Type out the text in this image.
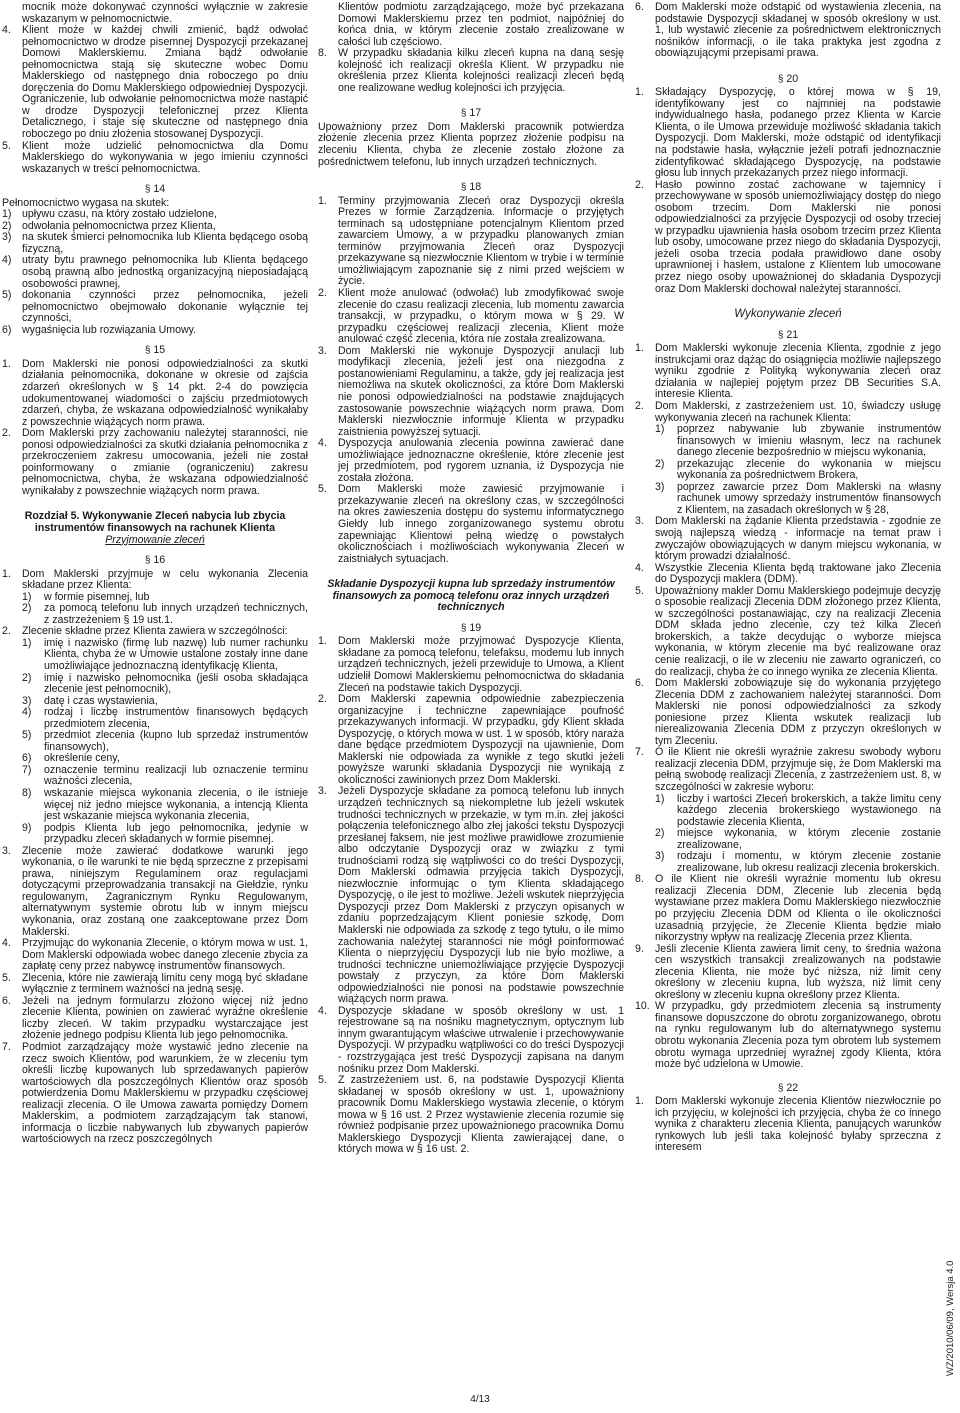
mocnik może dokonywać czynności wyłącznie w zakresie wskazanym w pełnomocnictwie.
4.	Klient może w każdej chwili zmienić, bądź odwołać pełnomocnictwo w drodze pisemnej Dyspozycji przekazanej Domowi Maklerskiemu. Zmiana bądź odwołanie pełnomocnictwa stają się skuteczne wobec Domu Maklerskiego od następnego dnia roboczego po dniu doręczenia do Domu Maklerskiego odpowiedniej Dyspozycji. Ograniczenie, lub odwołanie pełnomocnictwa może nastąpić w drodze Dyspozycji telefonicznej przez Klienta Detalicznego, i staje się skuteczne od następnego dnia roboczego po dniu złożenia stosowanej Dyspozycji.
5.	Klient może udzielić pełnomocnictwa dla Domu Maklerskiego do wykonywania w jego imieniu czynności wskazanych w treści pełnomocnictwa.
§ 14

Pełnomocnictwo wygasa na skutek:

1) upływu czasu, na który zostało udzielone,
2) odwołania pełnomocnictwa przez Klienta,
3) na skutek śmierci pełnomocnika lub Klienta będącego osobą fizyczną,
4) utraty bytu prawnego pełnomocnika lub Klienta będącego osobą prawną albo jednostką organizacyjną nieposiadającą osobowości prawnej,
5) dokonania czynności przez pełnomocnika, jeżeli pełnomocnictwo obejmowało dokonanie wyłącznie tej czynności,
6) wygaśnięcia lub rozwiązania Umowy.
§ 15
1.	Dom Maklerski nie ponosi odpowiedzialności za skutki działania pełnomocnika, dokonane w okresie od zajścia zdarzeń określonych w § 14 pkt. 2-4 do powzięcia udokumentowanej wiadomości o zajściu przedmiotowych zdarzeń, chyba, że wskazana odpowiedzialność wynikałaby z powszechnie wiążących norm prawa.
2.	Dom Maklerski przy zachowaniu należytej staranności, nie ponosi odpowiedzialności za skutki działania pełnomocnika z przekroczeniem zakresu umocowania, jeżeli nie został poinformowany o zmianie (ograniczeniu) zakresu pełnomocnictwa, chyba, że wskazana odpowiedzialność wynikałaby z powszechnie wiążących norm prawa.
Rozdział 5. Wykonywanie Zleceń nabycia lub zbycia instrumentów finansowych na rachunek Klienta
Przyjmowanie zleceń
§ 16
1.	Dom Maklerski przyjmuje w celu wykonania Zlecenia składane przez Klienta:
1)	w formie pisemnej, lub
2)	za pomocą telefonu lub innych urządzeń technicznych, z zastrzeżeniem § 19 ust.1.
2.	Zlecenie składne przez Klienta zawiera w szczególności:
1)	imię i nazwisko (firmę lub nazwę) lub numer rachunku Klienta, chyba że w Umowie ustalone zostały inne dane umożliwiające jednoznaczną identyfikację Klienta,
2)	imię i nazwisko pełnomocnika (jeśli osoba składająca zlecenie jest pełnomocnik),
3)	datę i czas wystawienia,
4)	rodzaj i liczbę instrumentów finansowych będących przedmiotem zlecenia,
5)	przedmiot zlecenia (kupno lub sprzedaż instrumentów finansowych),
6)	określenie ceny,
7)	oznaczenie terminu realizacji lub oznaczenie terminu ważności zlecenia,
8)	wskazanie miejsca wykonania zlecenia, o ile istnieje więcej niż jedno miejsce wykonania, a intencją Klienta jest wskazanie miejsca wykonania zlecenia,
9)	podpis Klienta lub jego pełnomocnika, jedynie w przypadku zleceń składanych w formie pisemnej.
3.	Zlecenie może zawierać dodatkowe warunki jego wykonania, o ile warunki te nie będą sprzeczne z przepisami prawa, niniejszym Regulaminem oraz regulacjami dotyczącymi przeprowadzania transakcji na Giełdzie, rynku regulowanym, Zagranicznym Rynku Regulowanym, alternatywnym systemie obrotu lub w innym miejscu wykonania, oraz zostaną one zaakceptowane przez Dom Maklerski.
4.	Przyjmując do wykonania Zlecenie, o którym mowa w ust. 1, Dom Maklerski odpowiada wobec danego zlecenie zbycia za zapłatę ceny przez nabywcę instrumentów finansowych.
5.	Zlecenia, które nie zawierają limitu ceny mogą być składane wyłącznie z terminem ważności na jedną sesję.
6.	Jeżeli na jednym formularzu złożono więcej niż jedno zlecenie Klienta, powinien on zawierać wyraźne określenie liczby zleceń. W takim przypadku wystarczające jest złożenie jednego podpisu Klienta lub jego pełnomocnika.
7.	Podmiot zarządzający może wystawić jedno zlecenie na rzecz swoich Klientów, pod warunkiem, że w zleceniu tym określi liczbę kupowanych lub sprzedawanych papierów wartościowych dla poszczególnych Klientów oraz sposób potwierdzenia Domu Maklerskiemu w przypadku częściowej realizacji zlecenia. O ile Umowa zawarta pomiędzy Domem Maklerskim, a podmiotem zarządzającym tak stanowi, informacja o liczbie nabywanych lub zbywanych papierów wartościowych na rzecz poszczególnych

Klientów podmiotu zarządzającego, może być przekazana Domowi Maklerskiemu przez ten podmiot, najpóźniej do końca dnia, w którym zlecenie zostało zrealizowane w całości lub częściowo.

8.	W przypadku składania kilku zleceń kupna na daną sesję kolejność ich realizacji określa Klient. W przypadku nie określenia przez Klienta kolejności realizacji zleceń będą one realizowane według kolejności ich przyjęcia.
§ 17

Upoważniony przez Dom Maklerski pracownik potwierdza złożenie zlecenia przez Klienta poprzez złożenie podpisu na zleceniu Klienta, chyba że zlecenie zostało złożone za pośrednictwem telefonu, lub innych urządzeń technicznych.

§ 18
1.	Terminy przyjmowania Zleceń oraz Dyspozycji określa Prezes w formie Zarządzenia. Informacje o przyjętych terminach są udostępniane potencjalnym Klientom przed zawarciem Umowy, a w przypadku planowanych zmian terminów przyjmowania Zleceń oraz Dyspozycji przekazywane są niezwłocznie Klientom w trybie i w terminie umożliwiającym zapoznanie się z nimi przed wejściem w życie.
2.	Klient może anulować (odwołać) lub zmodyfikować swoje zlecenie do czasu realizacji zlecenia, lub momentu zawarcia transakcji, w przypadku, o którym mowa w § 29. W przypadku częściowej realizacji zlecenia, Klient może anulować część zlecenia, która nie została zrealizowana.
3.	Dom Maklerski nie wykonuje Dyspozycji anulacji lub modyfikacji zlecenia, jeżeli jest ona niezgodna z postanowieniami Regulaminu, a także, gdy jej realizacja jest niemożliwa na skutek okoliczności, za które Dom Maklerski nie ponosi odpowiedzialności na podstawie znajdujących zastosowanie powszechnie wiążących norm prawa. Dom Maklerski niezwłocznie informuje Klienta w przypadku zaistnienia powyższej sytuacji.
4.	Dyspozycja anulowania zlecenia powinna zawierać dane umożliwiające jednoznaczne określenie, które zlecenie jest jej przedmiotem, pod rygorem uznania, iż Dyspozycja nie została złożona.
5.	Dom Maklerski może zawiesić przyjmowanie i przekazywanie zleceń na określony czas, w szczególności na okres zawieszenia dostępu do systemu informatycznego Giełdy lub innego zorganizowanego systemu obrotu zapewniając Klientowi pełną wiedzę o powstałych okolicznościach i możliwościach wykonywania Zleceń w zaistniałych sytuacjach.
Składanie Dyspozycji kupna lub sprzedaży instrumentów finansowych za pomocą telefonu oraz innych urządzeń technicznych
§ 19
1.	Dom Maklerski może przyjmować Dyspozycje Klienta, składane za pomocą telefonu, telefaksu, modemu lub innych urządzeń technicznych, jeżeli przewiduje to Umowa, a Klient udzielił Domowi Maklerskiemu pełnomocnictwa do składania Zleceń na podstawie takich Dyspozycji.
2.	Dom Maklerski zapewnia odpowiednie zabezpieczenia organizacyjne i techniczne zapewniające poufność przekazywanych informacji. W przypadku, gdy Klient składa Dyspozycję, o których mowa w ust. 1 w sposób, który naraża dane będące przedmiotem Dyspozycji na ujawnienie, Dom Maklerski nie odpowiada za wynikłe z tego skutki jeżeli powyższe warunki składania Dyspozycji nie wynikają z okoliczności zawinionych przez Dom Maklerski.
3.	Jeżeli Dyspozycje składane za pomocą telefonu lub innych urządzeń technicznych są niekompletne lub jeżeli wskutek trudności technicznych w przekazie, w tym m.in. złej jakości połączenia telefonicznego albo złej jakości tekstu Dyspozycji przesłanej faksem, nie jest możliwe prawidłowe zrozumienie albo odczytanie Dyspozycji oraz w związku z tymi trudnościami rodzą się wątpliwości co do treści Dyspozycji, Dom Maklerski odmawia przyjęcia takich Dyspozycji, niezwłocznie informując o tym Klienta składającego Dyspozycję, o ile jest to możliwe. Jeżeli wskutek nieprzyjęcia Dyspozycji przez Dom Maklerski z przyczyn opisanych w zdaniu poprzedzającym Klient poniesie szkodę, Dom Maklerski nie odpowiada za szkodę z tego tytułu, o ile mimo zachowania należytej staranności nie mógł poinformować Klienta o nieprzyjęciu Dyspozycji lub nie było możliwe, a trudności techniczne uniemożliwiające przyjęcie Dyspozycji powstały z przyczyn, za które Dom Maklerski odpowiedzialności nie ponosi na podstawie powszechnie wiążących norm prawa.
4.	Dyspozycje składane w sposób określony w ust. 1 rejestrowane są na nośniku magnetycznym, optycznym lub innym gwarantującym właściwe utrwalenie i przechowywanie Dyspozycji. W przypadku wątpliwości co do treści Dyspozycji - rozstrzygająca jest treść Dyspozycji zapisana na danym nośniku przez Dom Maklerski.
5.	Z zastrzeżeniem ust. 6, na podstawie Dyspozycji Klienta składanej w sposób określony w ust. 1, upoważniony pracownik Domu Maklerskiego wystawia zlecenie, o którym mowa w § 16 ust. 2 Przez wystawienie zlecenia rozumie się również podpisanie przez upoważnionego pracownika Domu Maklerskiego Dyspozycji Klienta zawierającej dane, o których mowa w § 16 ust. 2.
6.	Dom Maklerski może odstąpić od wystawienia zlecenia, na podstawie Dyspozycji składanej w sposób określony w ust. 1, lub wystawić zlecenie za pośrednictwem elektronicznych nośników informacji, o ile taka praktyka jest zgodna z obowiązującymi przepisami prawa.
§ 20
1.	Składający Dyspozycję, o której mowa w § 19, identyfikowany jest co najmniej na podstawie indywidualnego hasła, podanego przez Klienta w Karcie Klienta, o ile Umowa przewiduje możliwość składania takich Dyspozycji. Dom Maklerski, może odstąpić od identyfikacji na podstawie hasła, wyłącznie jeżeli potrafi jednoznacznie zidentyfikować składającego Dyspozycję, na podstawie głosu lub innych przekazanych przez niego informacji.
2.	Hasło powinno zostać zachowane w tajemnicy i przechowywane w sposób uniemożliwiający dostęp do niego osobom trzecim. Dom Maklerski nie ponosi odpowiedzialności za przyjęcie Dyspozycji od osoby trzeciej w przypadku ujawnienia hasła osobom trzecim przez Klienta lub osoby, umocowane przez niego do składania Dyspozycji, jeżeli osoba trzecia podała prawidłowo dane osoby uprawnionej i hasłem, ustalone z Klientem lub umocowane przez niego osoby upoważnionej do składania Dyspozycji oraz Dom Maklerski dochował należytej staranności.
Wykonywanie zleceń
§ 21
1.	Dom Maklerski wykonuje zlecenia Klienta, zgodnie z jego instrukcjami oraz dążąc do osiągnięcia możliwie najlepszego wyniku zgodnie z Polityką wykonywania zleceń oraz działania w najlepiej pojętym przez DB Securities S.A. interesie Klienta.
2.	Dom Maklerski, z zastrzeżeniem ust. 10, świadczy usługę wykonywania zleceń na rachunek Klienta:
1)	poprzez nabywanie lub zbywanie instrumentów finansowych w imieniu własnym, lecz na rachunek danego zlecenie bezpośrednio w miejscu wykonania,
2)	przekazując zlecenie do wykonania w miejscu wykonania za pośrednictwem Brokera,
3)	poprzez zawarcie przez Dom Maklerski na własny rachunek umowy sprzedaży instrumentów finansowych z Klientem, na zasadach określonych w § 28,
3.	Dom Maklerski na żądanie Klienta przedstawia - zgodnie ze swoją najlepszą wiedzą - informacje na temat praw i zwyczajów obowiązujących w danym miejscu wykonania, w którym prowadzi działalność.
4.	Wszystkie Zlecenia Klienta będą traktowane jako Zlecenia do Dyspozycji maklera (DDM).
5.	Upoważniony makler Domu Maklerskiego podejmuje decyzję o sposobie realizacji Zlecenia DDM złożonego przez Klienta, w szczególności postanawiając, czy na realizacji Zlecenia DDM składa jedno zlecenie, czy też kilka Zleceń brokerskich, a także decydując o wyborze miejsca wykonania, w którym zlecenie ma być realizowane oraz cenie realizacji, o ile w zleceniu nie zawarto ograniczeń, co do realizacji, chyba że co innego wynika ze zlecenia Klienta.
6.	Dom Maklerski zobowiązuje się do wykonania przyjętego Zlecenia DDM z zachowaniem należytej staranności. Dom Maklerski nie ponosi odpowiedzialności za szkody poniesione przez Klienta wskutek realizacji lub nierealizowania Zlecenia DDM z przyczyn określonych w tym Zleceniu.
7.	O ile Klient nie określi wyraźnie zakresu swobody wyboru realizacji zlecenia DDM, przyjmuje się, że Dom Maklerski ma pełną swobodę realizacji Zlecenia, z zastrzeżeniem ust. 8, w szczególności w zakresie wyboru:
1)	liczby i wartości Zleceń brokerskich, a także limitu ceny każdego zlecenia brokerskiego wystawionego na podstawie zlecenia Klienta,
2)	miejsce wykonania, w którym zlecenie zostanie zrealizowane,
3)	rodzaju i momentu, w którym zlecenie zostanie zrealizowane, lub okresu realizacji zlecenia brokerskich.
8.	O ile Klient nie określi wyraźnie momentu lub okresu realizacji Zlecenia DDM, Zlecenie lub zlecenia będą wystawiane przez maklera Domu Maklerskiego niezwłocznie po przyjęciu Zlecenia DDM od Klienta o ile okoliczności uzasadnią przyjęcie, że Zlecenie Klienta będzie miało nikorzystny wpływ na realizację Zlecenia przez Klienta.
9.	Jeśli zlecenie Klienta zawiera limit ceny, to średnia ważona cen wszystkich transakcji zrealizowanych na podstawie zlecenia Klienta, nie może być niższa, niż limit ceny określony w zleceniu kupna, lub wyższa, niż limit ceny określony w zleceniu kupna określony przez Klienta.
10. W przypadku, gdy przedmiotem zlecenia są instrumenty finansowe dopuszczone do obrotu zorganizowanego, obrotu na rynku regulowanym lub do alternatywnego systemu obrotu wykonania Zlecenia poza tym obrotem lub systemem obrotu wymaga uprzedniej wyraźnej zgody Klienta, która może być udzielona w Umowie.
§ 22
1.	Dom Maklerski wykonuje zlecenia Klientów niezwłocznie po ich przyjęciu, w kolejności ich przyjęcia, chyba że co innego wynika z charakteru zlecenia Klienta, panujących warunków rynkowych lub jeśli taka kolejność byłaby sprzeczna z interesem
4/13
WZ/2010/06/09, Wersja 4.0
